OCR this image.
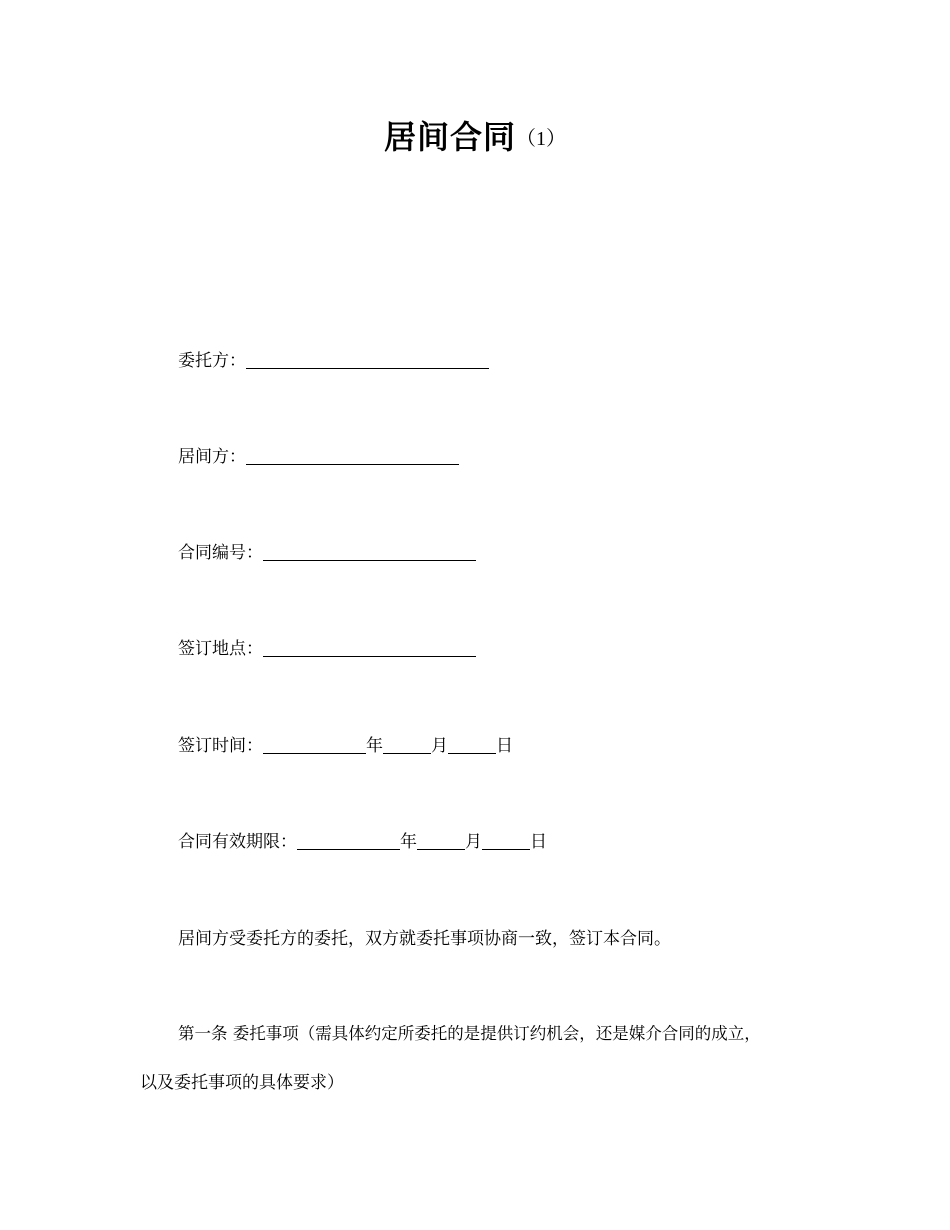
居间合同（1）
委托方：
居间方：
合同编号：
签订地点：
签订时间：	年	月	日
合同有效期限：	年	月	日
居间方受委托方的委托，双方就委托事项协商一致，签订本合同。
第一条 委托事项（需具体约定所委托的是提供订约机会，还是媒介合同的成立，
以及委托事项的具体要求）
